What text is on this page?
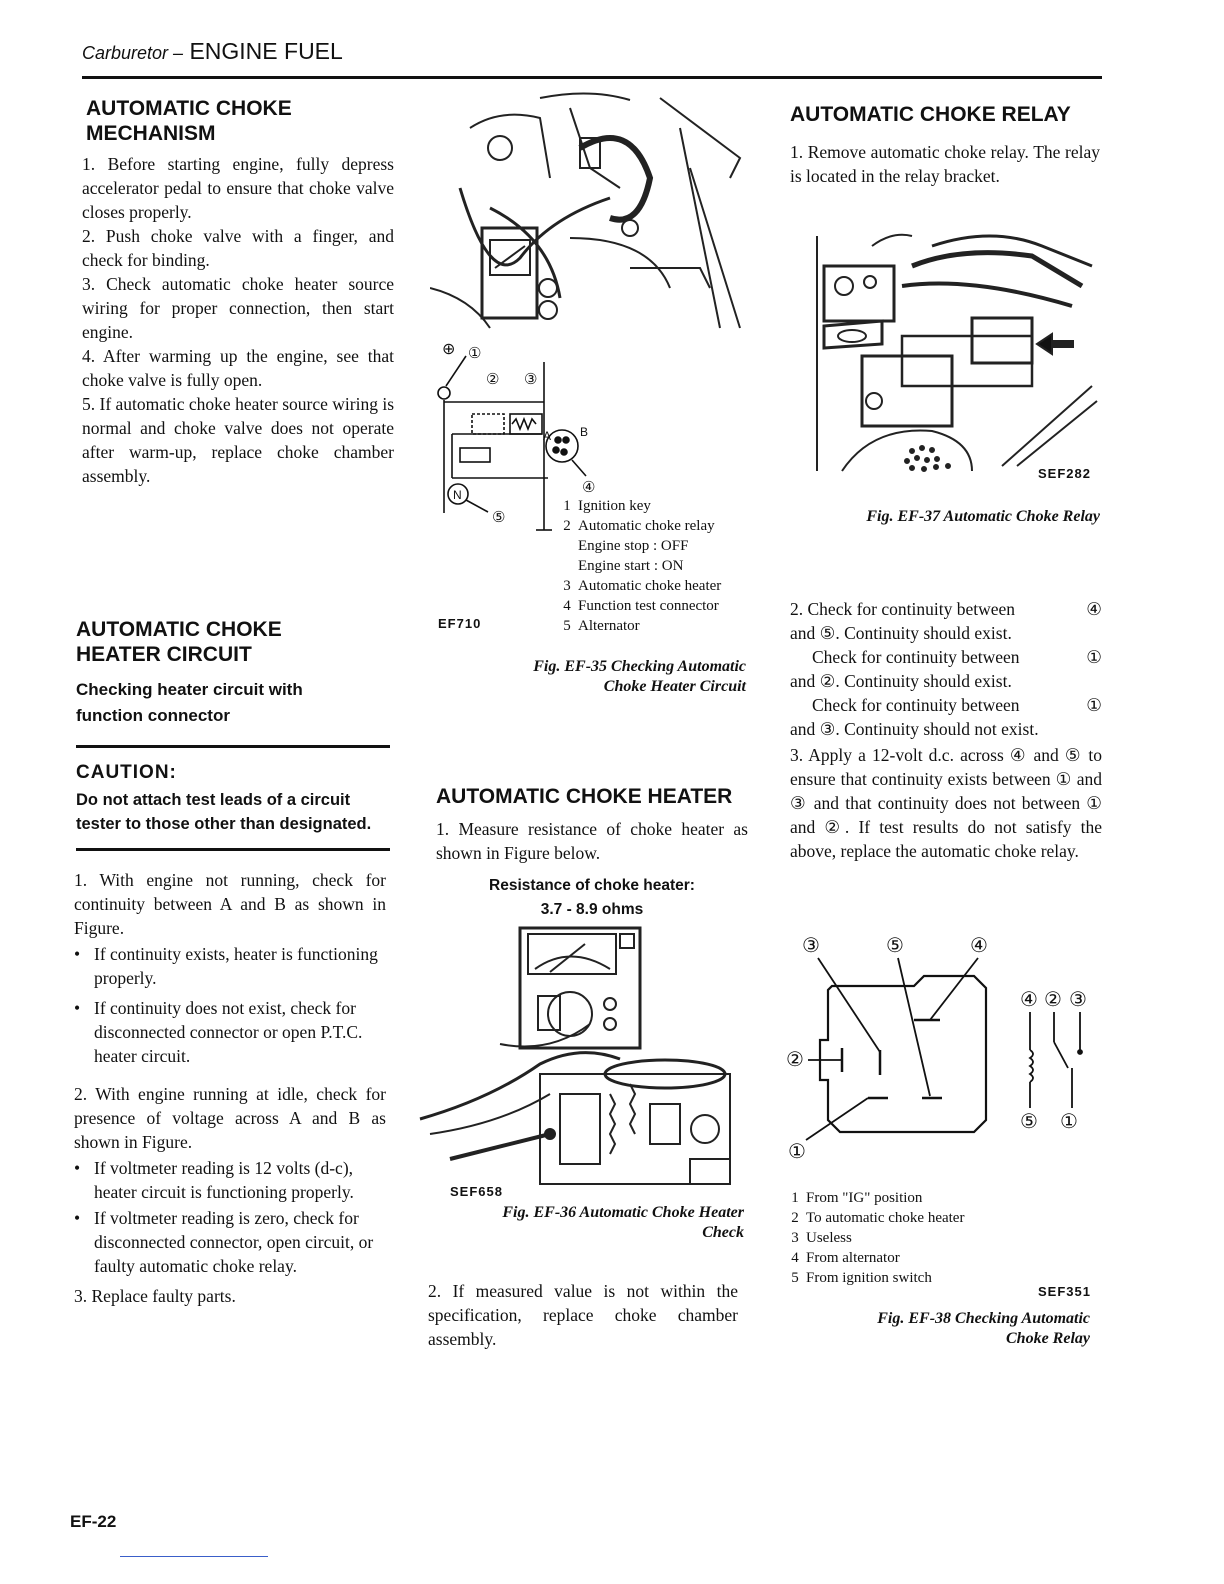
Carburetor – ENGINE FUEL
AUTOMATIC CHOKE
MECHANISM

1. Before starting engine, fully depress accelerator pedal to ensure that choke valve closes properly.

2. Push choke valve with a finger, and check for binding.

3. Check automatic choke heater source wiring for proper connection, then start engine.

4. After warming up the engine, see that choke valve is fully open.

5. If automatic choke heater source wiring is normal and choke valve does not operate after warm-up, replace choke chamber assembly.

AUTOMATIC CHOKE
HEATER CIRCUIT
Checking heater circuit with
function connector
CAUTION:
Do not attach test leads of a circuit tester to those other than designated.

1. With engine not running, check for continuity between A and B as shown in Figure.

• If continuity exists, heater is functioning properly.
• If continuity does not exist, check for disconnected connector or open P.T.C. heater circuit.

2. With engine running at idle, check for presence of voltage across A and B as shown in Figure.

• If voltmeter reading is 12 volts (d-c), heater circuit is functioning properly.
• If voltmeter reading is zero, check for disconnected connector, open circuit, or faulty automatic choke relay.

3. Replace faulty parts.

⊕ ①
② ③
A B
④
N
⑤
EF710
1 Ignition key
2 Automatic choke relay
Engine stop : OFF
Engine start : ON
3 Automatic choke heater
4 Function test connector
5 Alternator
Fig. EF-35 Checking Automatic
Choke Heater Circuit
AUTOMATIC CHOKE HEATER

1. Measure resistance of choke heater as shown in Figure below.

Resistance of choke heater:
3.7 - 8.9 ohms
SEF658
Fig. EF-36 Automatic Choke Heater
Check

2. If measured value is not within the specification, replace choke chamber assembly.

AUTOMATIC CHOKE RELAY

1. Remove automatic choke relay. The relay is located in the relay bracket.

SEF282
Fig. EF-37 Automatic Choke Relay

2. Check for continuity between	④

and ⑤. Continuity should exist.

Check for continuity between	①

and ②. Continuity should exist.

Check for continuity between	①

and ③. Continuity should not exist.

3. Apply a 12-volt d.c. across ④ and ⑤ to ensure that continuity exists between ① and ③ and that continuity does not between ① and ②. If test results do not satisfy the above, replace the automatic choke relay.

③	⑤	④
②
①
④ ② ③
⑤ ①
1 From "IG" position
2 To automatic choke heater
3 Useless
4 From alternator
5 From ignition switch
SEF351
Fig. EF-38 Checking Automatic
Choke Relay
EF-22
